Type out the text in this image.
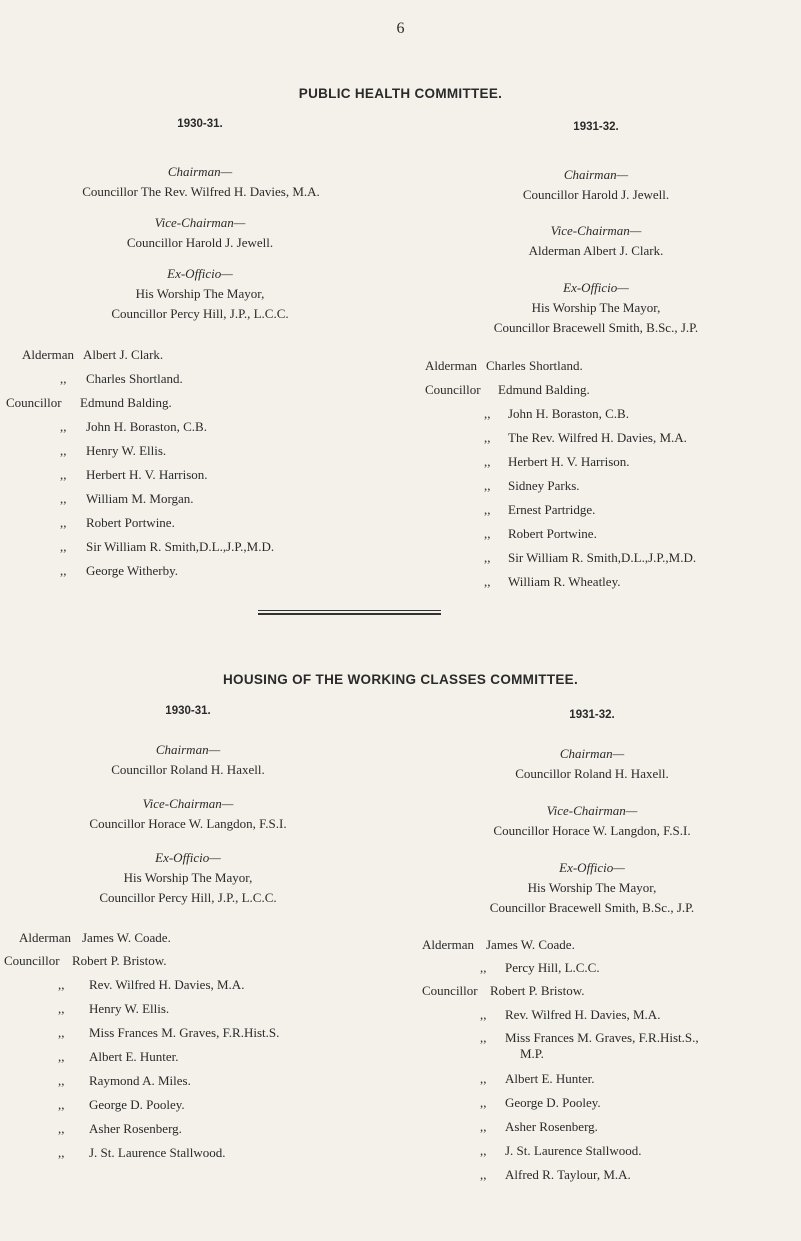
6
PUBLIC HEALTH COMMITTEE.
1930-31.
Chairman—
Councillor The Rev. Wilfred H. Davies, M.A.
Vice-Chairman—
Councillor Harold J. Jewell.
Ex-Officio—
His Worship The Mayor,
Councillor Percy Hill, J.P., L.C.C.
Alderman Albert J. Clark.
,, Charles Shortland.
Councillor Edmund Balding.
,, John H. Boraston, C.B.
,, Henry W. Ellis.
,, Herbert H. V. Harrison.
,, William M. Morgan.
,, Robert Portwine.
,, Sir William R. Smith,D.L.,J.P.,M.D.
,, George Witherby.
1931-32.
Chairman—
Councillor Harold J. Jewell.
Vice-Chairman—
Alderman Albert J. Clark.
Ex-Officio—
His Worship The Mayor,
Councillor Bracewell Smith, B.Sc., J.P.
Alderman Charles Shortland.
Councillor Edmund Balding.
,, John H. Boraston, C.B.
,, The Rev. Wilfred H. Davies, M.A.
,, Herbert H. V. Harrison.
,, Sidney Parks.
,, Ernest Partridge.
,, Robert Portwine.
,, Sir William R. Smith,D.L.,J.P.,M.D.
,, William R. Wheatley.
HOUSING OF THE WORKING CLASSES COMMITTEE.
1930-31.
Chairman—
Councillor Roland H. Haxell.
Vice-Chairman—
Councillor Horace W. Langdon, F.S.I.
Ex-Officio—
His Worship The Mayor,
Councillor Percy Hill, J.P., L.C.C.
Alderman James W. Coade.
Councillor Robert P. Bristow.
,, Rev. Wilfred H. Davies, M.A.
,, Henry W. Ellis.
,, Miss Frances M. Graves, F.R.Hist.S.
,, Albert E. Hunter.
,, Raymond A. Miles.
,, George D. Pooley.
,, Asher Rosenberg.
,, J. St. Laurence Stallwood.
1931-32.
Chairman—
Councillor Roland H. Haxell.
Vice-Chairman—
Councillor Horace W. Langdon, F.S.I.
Ex-Officio—
His Worship The Mayor,
Councillor Bracewell Smith, B.Sc., J.P.
Alderman James W. Coade.
,, Percy Hill, L.C.C.
Councillor Robert P. Bristow.
,, Rev. Wilfred H. Davies, M.A.
,, Miss Frances M. Graves, F.R.Hist.S.,
M.P.
,, Albert E. Hunter.
,, George D. Pooley.
,, Asher Rosenberg.
,, J. St. Laurence Stallwood.
,, Alfred R. Taylour, M.A.
